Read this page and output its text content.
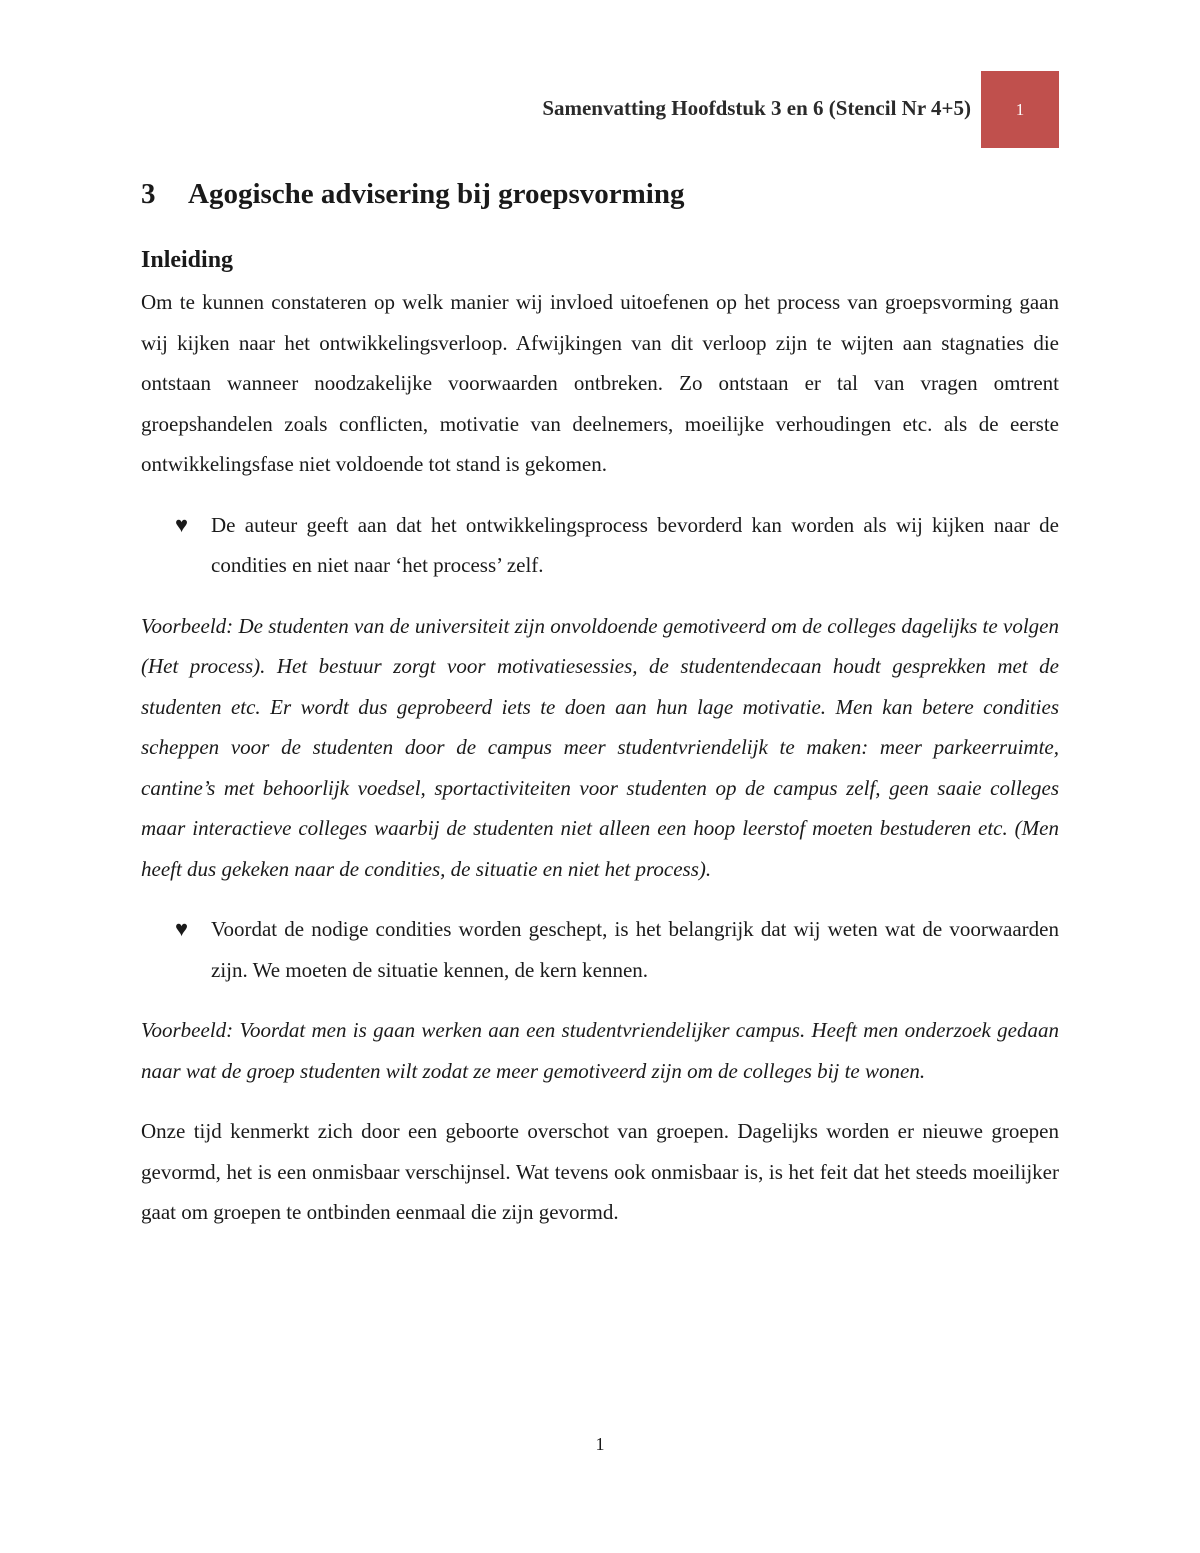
Samenvatting Hoofdstuk 3 en 6 (Stencil Nr 4+5)	1
3	Agogische advisering bij groepsvorming
Inleiding

Om te kunnen constateren op welk manier wij invloed uitoefenen op het process van groepsvorming gaan wij kijken naar het ontwikkelingsverloop. Afwijkingen van dit verloop zijn te wijten aan stagnaties die ontstaan wanneer noodzakelijke voorwaarden ontbreken. Zo ontstaan er tal van vragen omtrent groepshandelen zoals conflicten, motivatie van deelnemers, moeilijke verhoudingen etc. als de eerste ontwikkelingsfase niet voldoende tot stand is gekomen.

♥	De auteur geeft aan dat het ontwikkelingsprocess bevorderd kan worden als wij kijken naar de condities en niet naar ‘het process’ zelf.

Voorbeeld: De studenten van de universiteit zijn onvoldoende gemotiveerd om de colleges dagelijks te volgen (Het process). Het bestuur zorgt voor motivatiesessies, de studentendecaan houdt gesprekken met de studenten etc. Er wordt dus geprobeerd iets te doen aan hun lage motivatie. Men kan betere condities scheppen voor de studenten door de campus meer studentvriendelijk te maken: meer parkeerruimte, cantine’s met behoorlijk voedsel, sportactiviteiten voor studenten op de campus zelf, geen saaie colleges maar interactieve colleges waarbij de studenten niet alleen een hoop leerstof moeten bestuderen etc. (Men heeft dus gekeken naar de condities, de situatie en niet het process).

♥	Voordat de nodige condities worden geschept, is het belangrijk dat wij weten wat de voorwaarden zijn. We moeten de situatie kennen, de kern kennen.

Voorbeeld: Voordat men is gaan werken aan een studentvriendelijker campus. Heeft men onderzoek gedaan naar wat de groep studenten wilt zodat ze meer gemotiveerd zijn om de colleges bij te wonen.

Onze tijd kenmerkt zich door een geboorte overschot van groepen. Dagelijks worden er nieuwe groepen gevormd, het is een onmisbaar verschijnsel. Wat tevens ook onmisbaar is, is het feit dat het steeds moeilijker gaat om groepen te ontbinden eenmaal die zijn gevormd.

1
